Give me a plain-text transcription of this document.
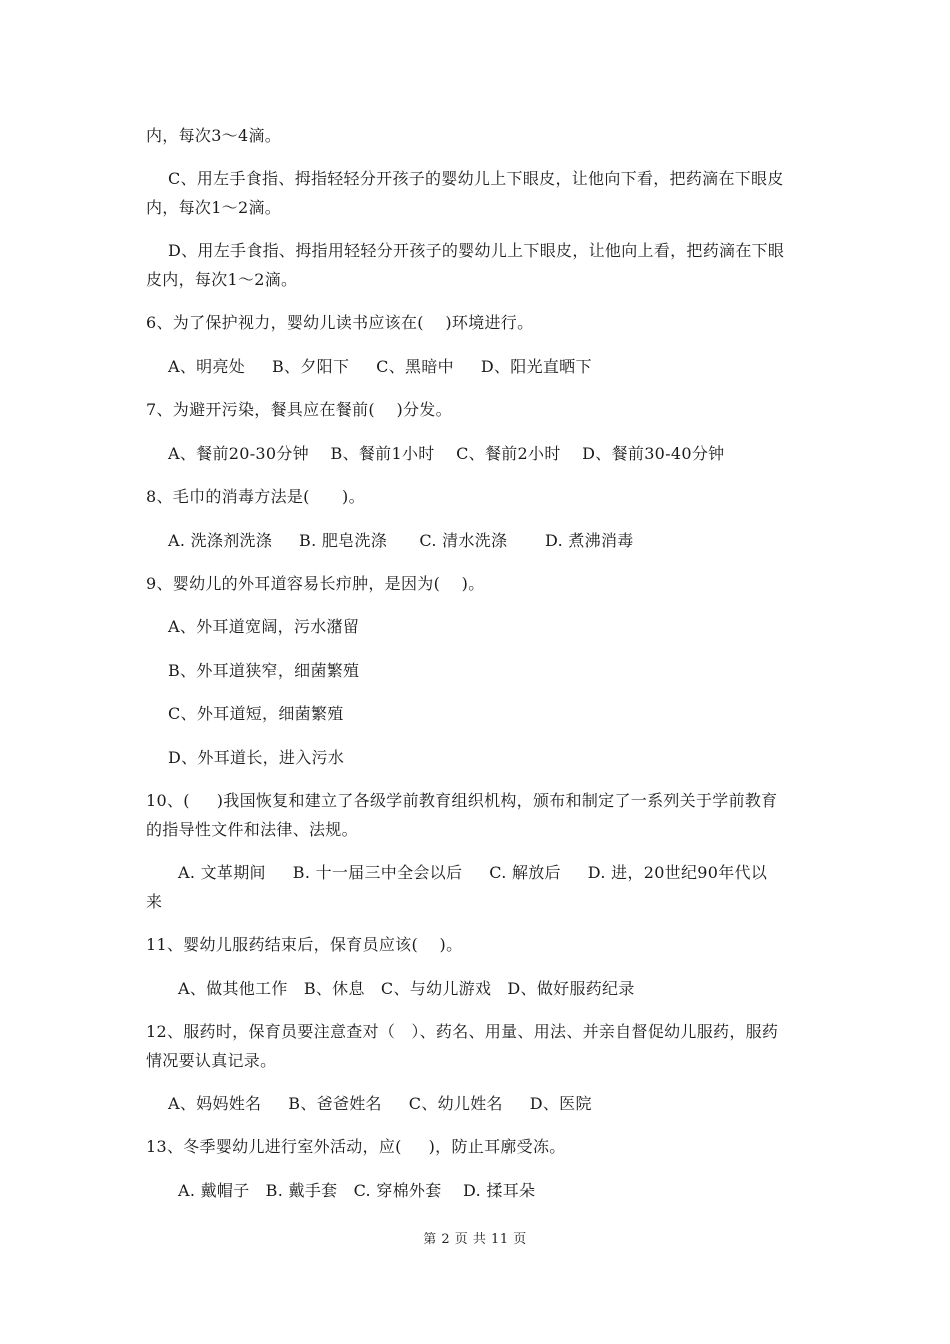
内，每次3～4滴。
C、用左手食指、拇指轻轻分开孩子的婴幼儿上下眼皮，让他向下看，把药滴在下眼皮
内，每次1～2滴。
D、用左手食指、拇指用轻轻分开孩子的婴幼儿上下眼皮，让他向上看，把药滴在下眼
皮内，每次1～2滴。
6、为了保护视力，婴幼儿读书应该在(    )环境进行。
A、明亮处     B、夕阳下     C、黑暗中     D、阳光直晒下
7、为避开污染，餐具应在餐前(    )分发。
A、餐前20-30分钟    B、餐前1小时    C、餐前2小时    D、餐前30-40分钟
8、毛巾的消毒方法是(      )。
A. 洗涤剂洗涤     B. 肥皂洗涤      C. 清水洗涤       D. 煮沸消毒
9、婴幼儿的外耳道容易长疖肿，是因为(    )。
A、外耳道宽阔，污水潴留
B、外耳道狭窄，细菌繁殖
C、外耳道短，细菌繁殖
D、外耳道长，进入污水
10、(     )我国恢复和建立了各级学前教育组织机构，颁布和制定了一系列关于学前教育
的指导性文件和法律、法规。
A. 文革期间     B. 十一届三中全会以后     C. 解放后     D. 进，20世纪90年代以
来
11、婴幼儿服药结束后，保育员应该(    )。
A、做其他工作   B、休息   C、与幼儿游戏   D、做好服药纪录
12、服药时，保育员要注意查对（   ）、药名、用量、用法、并亲自督促幼儿服药，服药
情况要认真记录。
A、妈妈姓名     B、爸爸姓名     C、幼儿姓名     D、医院
13、冬季婴幼儿进行室外活动，应(     )，防止耳廓受冻。
A. 戴帽子   B. 戴手套   C. 穿棉外套    D. 揉耳朵
第 2 页 共 11 页
